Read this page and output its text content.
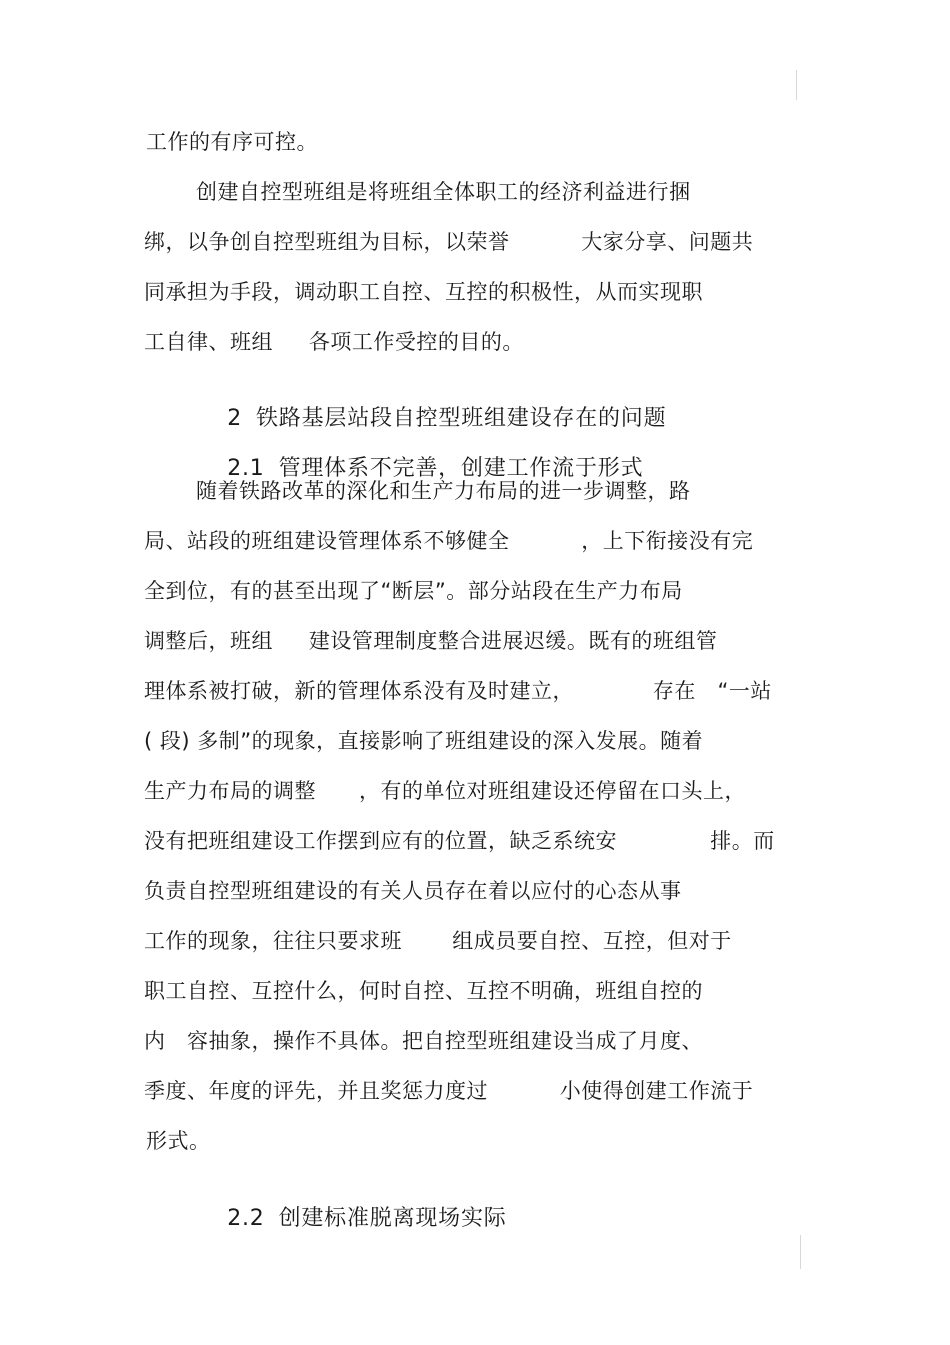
工作的有序可控。
创建自控型班组是将班组全体职工的经济利益进行捆
绑，以争创自控型班组为目标，以荣誉          大家分享、问题共
同承担为手段，调动职工自控、互控的积极性，从而实现职
工自律、班组     各项工作受控的目的。

2 铁路基层站段自控型班组建设存在的问题

2.1 管理体系不完善，创建工作流于形式

随着铁路改革的深化和生产力布局的进一步调整，路
局、站段的班组建设管理体系不够健全          ，上下衔接没有完
全到位，有的甚至出现了“断层”。部分站段在生产力布局
调整后，班组     建设管理制度整合进展迟缓。既有的班组管
理体系被打破，新的管理体系没有及时建立，           存在   “一站
( 段) 多制”的现象，直接影响了班组建设的深入发展。随着
生产力布局的调整      ，有的单位对班组建设还停留在口头上，
没有把班组建设工作摆到应有的位置，缺乏系统安             排。而
负责自控型班组建设的有关人员存在着以应付的心态从事
工作的现象，往往只要求班       组成员要自控、互控，但对于
职工自控、互控什么，何时自控、互控不明确，班组自控的
内   容抽象，操作不具体。把自控型班组建设当成了月度、
季度、年度的评先，并且奖惩力度过          小使得创建工作流于
形式。

2.2 创建标准脱离现场实际
